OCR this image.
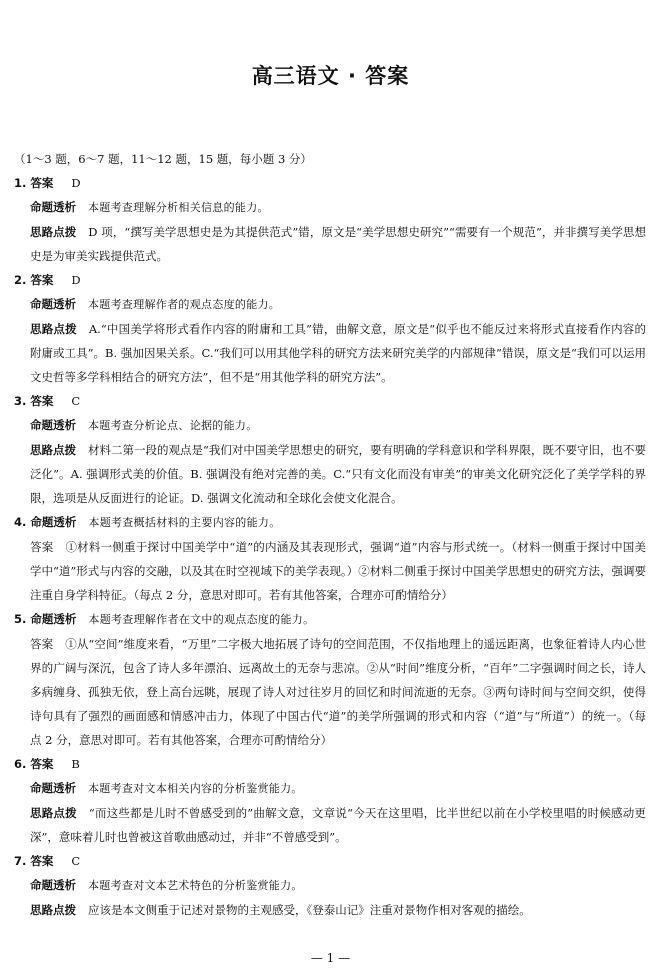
高三语文 · 答案
（1～3 题，6～7 题，11～12 题，15 题，每小题 3 分）
1. 答案 D
命题透析 本题考查理解分析相关信息的能力。
思路点拨 D 项，“撰写美学思想史是为其提供范式”错，原文是“美学思想史研究”“需要有一个规范”，并非撰写美学思想史是为审美实践提供范式。
2. 答案 D
命题透析 本题考查理解作者的观点态度的能力。
思路点拨 A.“中国美学将形式看作内容的附庸和工具”错，曲解文意，原文是“似乎也不能反过来将形式直接看作内容的附庸或工具”。B. 强加因果关系。C.“我们可以用其他学科的研究方法来研究美学的内部规律”错误，原文是“我们可以运用文史哲等多学科相结合的研究方法”，但不是“用其他学科的研究方法”。
3. 答案 C
命题透析 本题考查分析论点、论据的能力。
思路点拨 材料二第一段的观点是“我们对中国美学思想史的研究，要有明确的学科意识和学科界限，既不要守旧，也不要泛化”。A. 强调形式美的价值。B. 强调没有绝对完善的美。C.“只有文化而没有审美”的审美文化研究泛化了美学学科的界限，选项是从反面进行的论证。D. 强调文化流动和全球化会使文化混合。
4. 命题透析 本题考查概括材料的主要内容的能力。
答案 ①材料一侧重于探讨中国美学中“道”的内涵及其表现形式，强调“道”内容与形式统一。（材料一侧重于探讨中国美学中“道”形式与内容的交融，以及其在时空视域下的美学表现。）②材料二侧重于探讨中国美学思想史的研究方法，强调要注重自身学科特征。（每点 2 分，意思对即可。若有其他答案，合理亦可酌情给分）
5. 命题透析 本题考查理解作者在文中的观点态度的能力。
答案 ①从“空间”维度来看，“万里”二字极大地拓展了诗句的空间范围，不仅指地理上的遥远距离，也象征着诗人内心世界的广阔与深沉，包含了诗人多年漂泊、远离故土的无奈与悲凉。②从“时间”维度分析，“百年”二字强调时间之长，诗人多病缠身、孤独无依，登上高台远眺，展现了诗人对过往岁月的回忆和时间流逝的无奈。③两句诗时间与空间交织，使得诗句具有了强烈的画面感和情感冲击力，体现了中国古代“道”的美学所强调的形式和内容（“道”与“所道”）的统一。（每点 2 分，意思对即可。若有其他答案，合理亦可酌情给分）
6. 答案 B
命题透析 本题考查对文本相关内容的分析鉴赏能力。
思路点拨 “而这些都是儿时不曾感受到的”曲解文意，文章说“今天在这里唱，比半世纪以前在小学校里唱的时候感动更深”，意味着儿时也曾被这首歌曲感动过，并非“不曾感受到”。
7. 答案 C
命题透析 本题考查对文本艺术特色的分析鉴赏能力。
思路点拨 应该是本文侧重于记述对景物的主观感受，《登泰山记》注重对景物作相对客观的描绘。
— 1 —
